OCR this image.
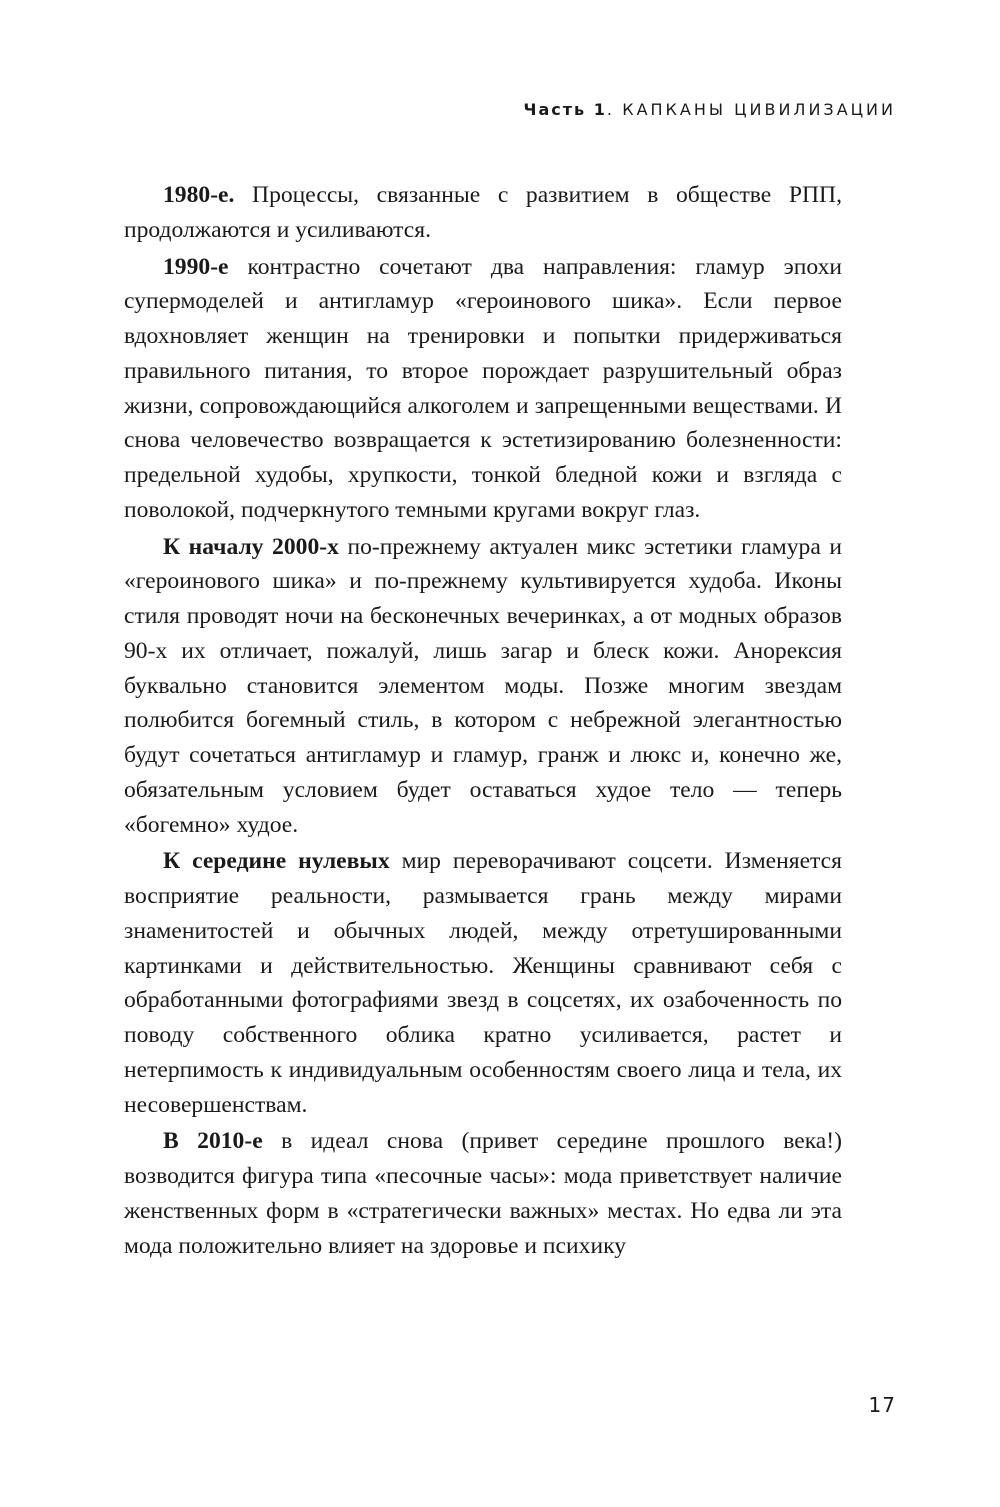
Часть 1. КАПКАНЫ ЦИВИЛИЗАЦИИ

1980-е. Процессы, связанные с развитием в обществе РПП, продолжаются и усиливаются.

1990-е контрастно сочетают два направления: гламур эпохи супермоделей и антигламур «героинового шика». Если первое вдохновляет женщин на тренировки и попытки придерживаться правильного питания, то второе порождает разрушительный образ жизни, сопровождающийся алкоголем и запрещенными веществами. И снова человечество возвращается к эстетизированию болезненности: предельной худобы, хрупкости, тонкой бледной кожи и взгляда с поволокой, подчеркнутого темными кругами вокруг глаз.

К началу 2000-х по-прежнему актуален микс эстетики гламура и «героинового шика» и по-прежнему культивируется худоба. Иконы стиля проводят ночи на бесконечных вечеринках, а от модных образов 90-х их отличает, пожалуй, лишь загар и блеск кожи. Анорексия буквально становится элементом моды. Позже многим звездам полюбится богемный стиль, в котором с небрежной элегантностью будут сочетаться антигламур и гламур, гранж и люкс и, конечно же, обязательным условием будет оставаться худое тело — теперь «богемно» худое.

К середине нулевых мир переворачивают соцсети. Изменяется восприятие реальности, размывается грань между мирами знаменитостей и обычных людей, между отретушированными картинками и действительностью. Женщины сравнивают себя с обработанными фотографиями звезд в соцсетях, их озабоченность по поводу собственного облика кратно усиливается, растет и нетерпимость к индивидуальным особенностям своего лица и тела, их несовершенствам.

В 2010-е в идеал снова (привет середине прошлого века!) возводится фигура типа «песочные часы»: мода приветствует наличие женственных форм в «стратегически важных» местах. Но едва ли эта мода положительно влияет на здоровье и психику

17
